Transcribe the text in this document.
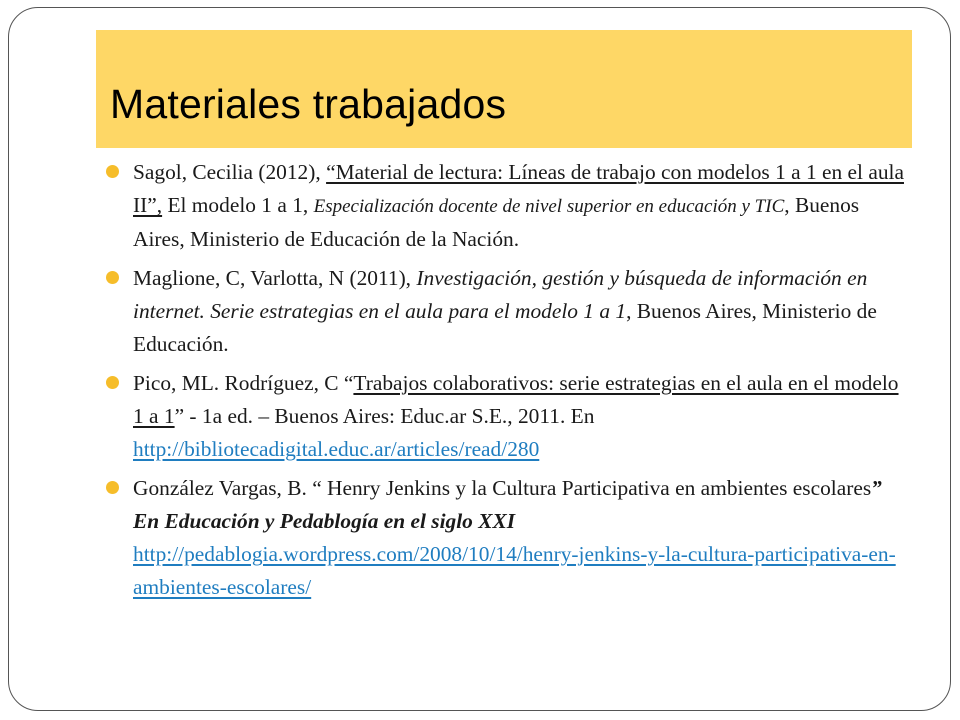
Materiales trabajados
Sagol, Cecilia (2012), “Material de lectura: Líneas de trabajo con modelos 1 a 1 en el aula II”, El modelo 1 a 1, Especialización docente de nivel superior en educación y TIC, Buenos Aires, Ministerio de Educación de la Nación.
Maglione, C, Varlotta, N (2011), Investigación, gestión y búsqueda de información en internet. Serie estrategias en el aula para el modelo 1 a 1, Buenos Aires, Ministerio de Educación.
Pico, ML. Rodríguez, C “Trabajos colaborativos: serie estrategias en el aula en el modelo 1 a 1” - 1a ed. – Buenos Aires: Educ.ar S.E., 2011. En http://bibliotecadigital.educ.ar/articles/read/280
González Vargas, B. “ Henry Jenkins y la Cultura Participativa en ambientes escolares” En Educación y Pedablogía en el siglo XXI http://pedablogia.wordpress.com/2008/10/14/henry-jenkins-y-la-cultura-participativa-en-ambientes-escolares/
